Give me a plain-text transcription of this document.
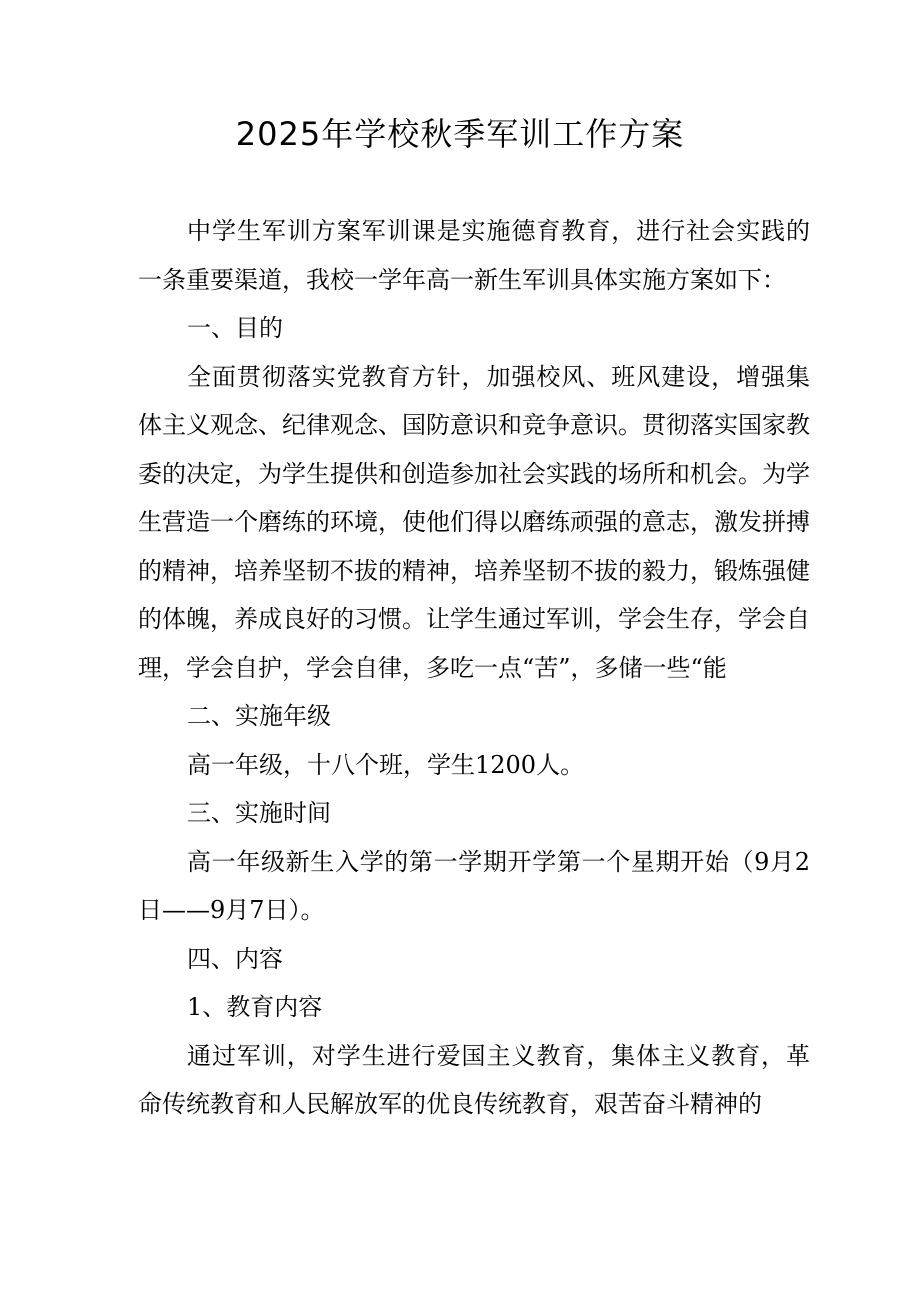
2025年学校秋季军训工作方案

中学生军训方案军训课是实施德育教育，进行社会实践的一条重要渠道，我校一学年高一新生军训具体实施方案如下：

一、目的

全面贯彻落实党教育方针，加强校风、班风建设，增强集体主义观念、纪律观念、国防意识和竞争意识。贯彻落实国家教委的决定，为学生提供和创造参加社会实践的场所和机会。为学生营造一个磨练的环境，使他们得以磨练顽强的意志，激发拼搏的精神，培养坚韧不拔的精神，培养坚韧不拔的毅力，锻炼强健的体魄，养成良好的习惯。让学生通过军训，学会生存，学会自理，学会自护，学会自律，多吃一点“苦”，多储一些“能

二、实施年级

高一年级，十八个班，学生1200人。

三、实施时间

高一年级新生入学的第一学期开学第一个星期开始（9月2日——9月7日）。

四、内容

1、教育内容

通过军训，对学生进行爱国主义教育，集体主义教育，革命传统教育和人民解放军的优良传统教育，艰苦奋斗精神的
